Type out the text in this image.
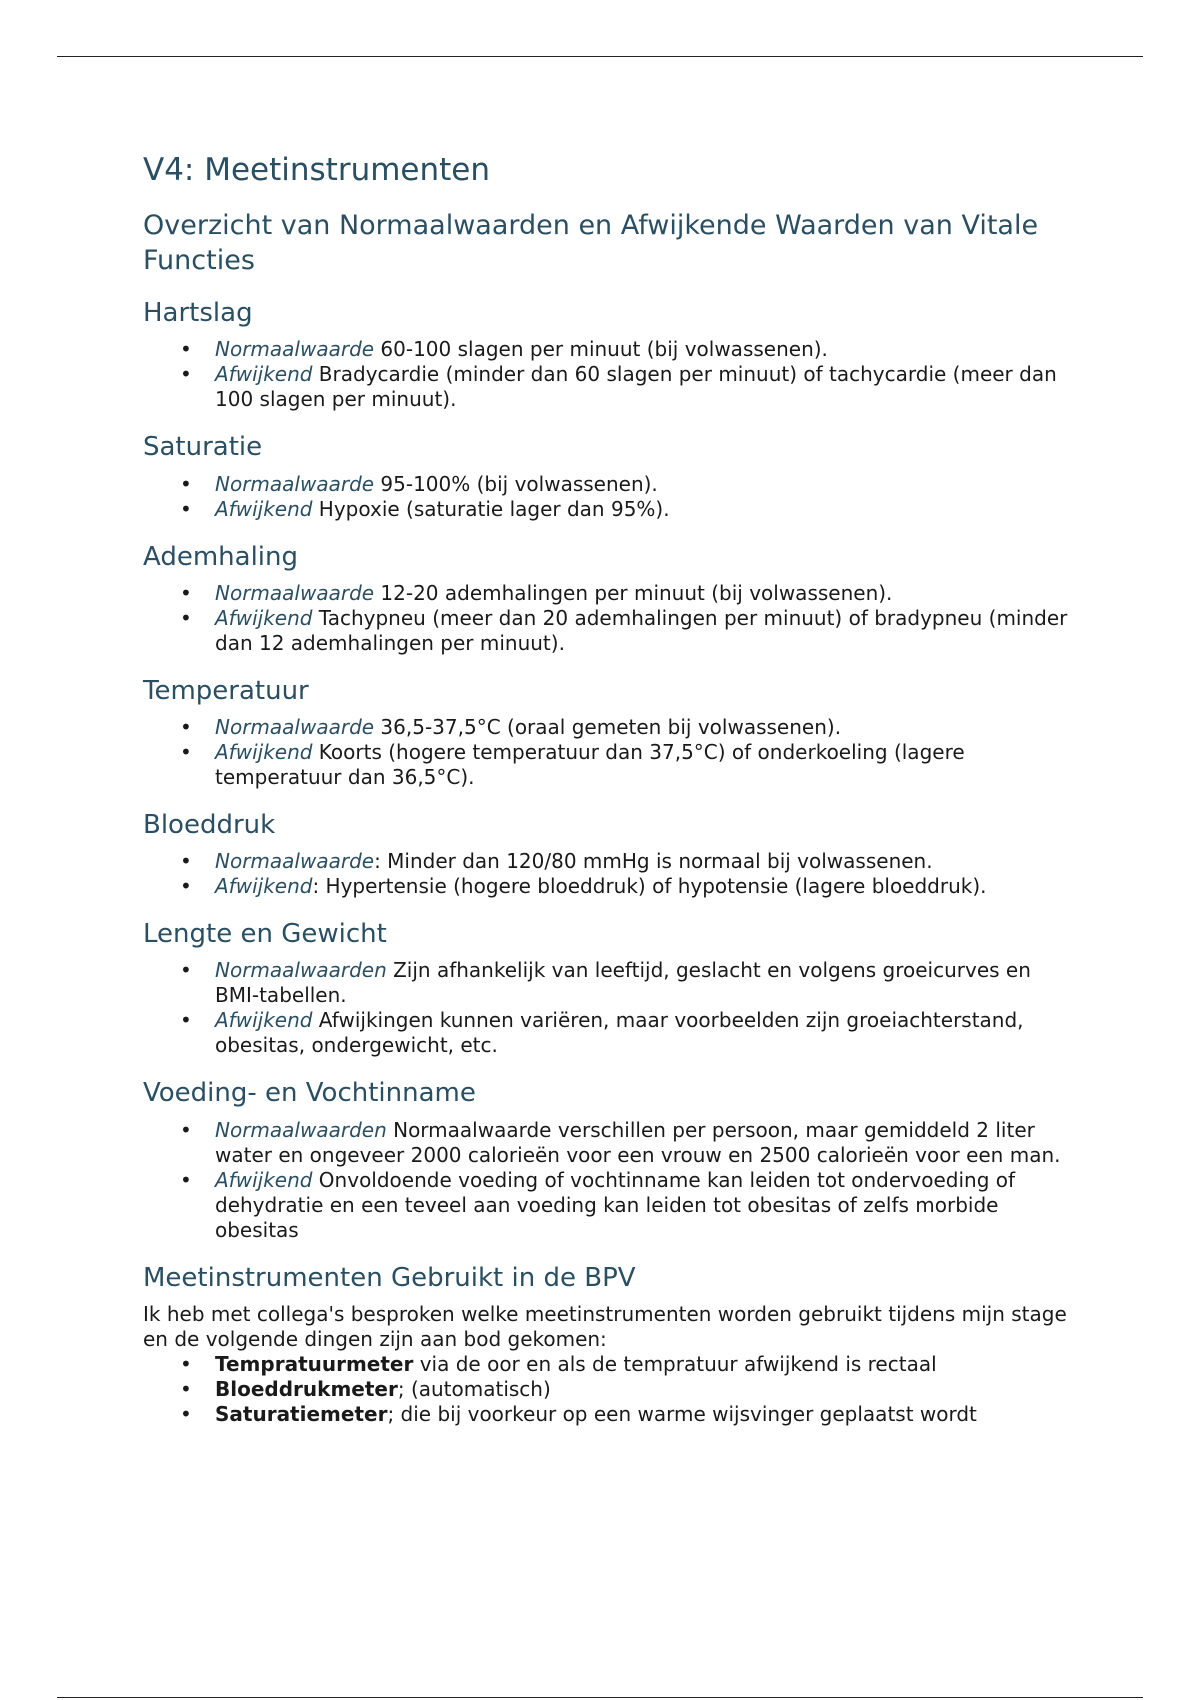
V4: Meetinstrumenten
Overzicht van Normaalwaarden en Afwijkende Waarden van Vitale Functies
Hartslag
• Normaalwaarde 60-100 slagen per minuut (bij volwassenen).
• Afwijkend Bradycardie (minder dan 60 slagen per minuut) of tachycardie (meer dan 100 slagen per minuut).
Saturatie
• Normaalwaarde 95-100% (bij volwassenen).
• Afwijkend Hypoxie (saturatie lager dan 95%).
Ademhaling
• Normaalwaarde 12-20 ademhalingen per minuut (bij volwassenen).
• Afwijkend Tachypneu (meer dan 20 ademhalingen per minuut) of bradypneu (minder dan 12 ademhalingen per minuut).
Temperatuur
• Normaalwaarde 36,5-37,5°C (oraal gemeten bij volwassenen).
• Afwijkend Koorts (hogere temperatuur dan 37,5°C) of onderkoeling (lagere temperatuur dan 36,5°C).
Bloeddruk
• Normaalwaarde: Minder dan 120/80 mmHg is normaal bij volwassenen.
• Afwijkend: Hypertensie (hogere bloeddruk) of hypotensie (lagere bloeddruk).
Lengte en Gewicht
• Normaalwaarden Zijn afhankelijk van leeftijd, geslacht en volgens groeicurves en BMI-tabellen.
• Afwijkend Afwijkingen kunnen variëren, maar voorbeelden zijn groeiachterstand, obesitas, ondergewicht, etc.
Voeding- en Vochtinname
• Normaalwaarden Normaalwaarde verschillen per persoon, maar gemiddeld 2 liter water en ongeveer 2000 calorieën voor een vrouw en 2500 calorieën voor een man.
• Afwijkend Onvoldoende voeding of vochtinname kan leiden tot ondervoeding of dehydratie en een teveel aan voeding kan leiden tot obesitas of zelfs morbide obesitas
Meetinstrumenten Gebruikt in de BPV

Ik heb met collega's besproken welke meetinstrumenten worden gebruikt tijdens mijn stage en de volgende dingen zijn aan bod gekomen:

• Tempratuurmeter via de oor en als de tempratuur afwijkend is rectaal
• Bloeddrukmeter; (automatisch)
• Saturatiemeter; die bij voorkeur op een warme wijsvinger geplaatst wordt
